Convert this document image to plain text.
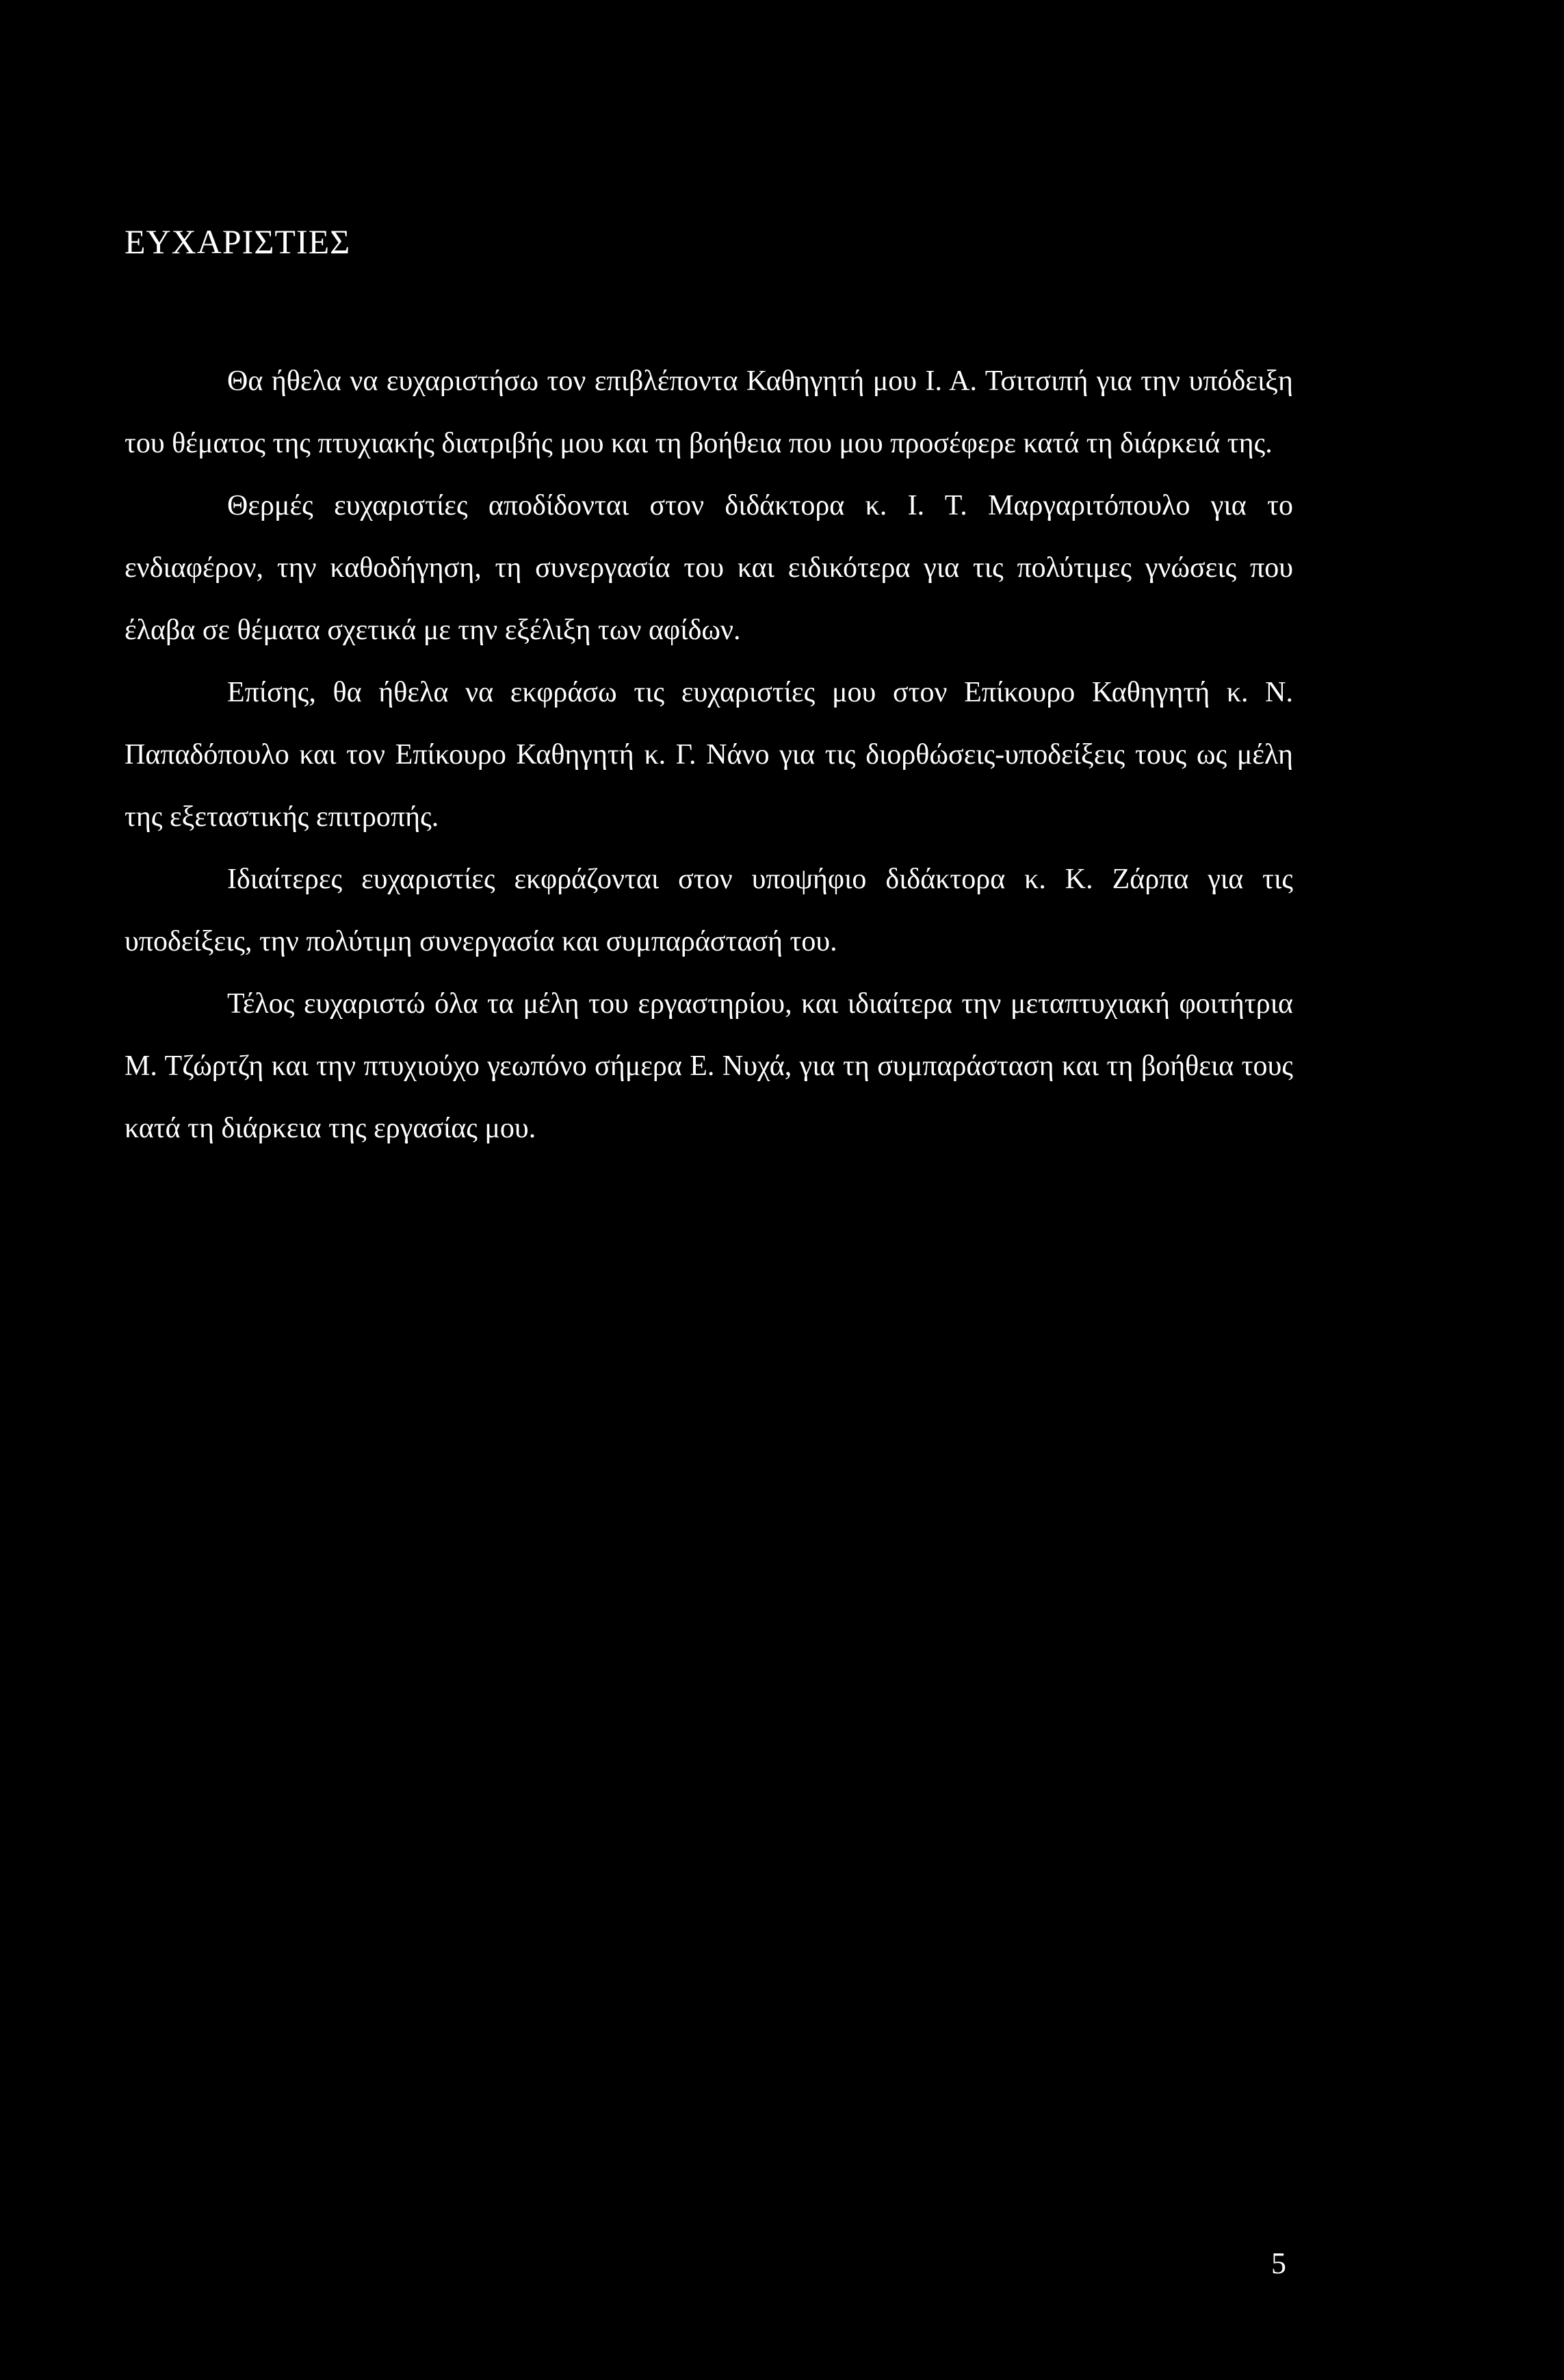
ΕΥΧΑΡΙΣΤΙΕΣ

Θα ήθελα να ευχαριστήσω τον επιβλέποντα Καθηγητή μου Ι. Α. Τσιτσιπή για την υπόδειξη του θέματος της πτυχιακής διατριβής μου και τη βοήθεια που μου προσέφερε κατά τη διάρκειά της.

Θερμές ευχαριστίες αποδίδονται στον διδάκτορα κ. Ι. Τ. Μαργαριτόπουλο για το ενδιαφέρον, την καθοδήγηση, τη συνεργασία του και ειδικότερα για τις πολύτιμες γνώσεις που έλαβα σε θέματα σχετικά με την εξέλιξη των αφίδων.

Επίσης, θα ήθελα να εκφράσω τις ευχαριστίες μου στον Επίκουρο Καθηγητή κ. Ν. Παπαδόπουλο και τον Επίκουρο Καθηγητή κ. Γ. Νάνο για τις διορθώσεις-υποδείξεις τους ως μέλη της εξεταστικής επιτροπής.

Ιδιαίτερες ευχαριστίες εκφράζονται στον υποψήφιο διδάκτορα κ. Κ. Ζάρπα για τις υποδείξεις, την πολύτιμη συνεργασία και συμπαράστασή του.

Τέλος ευχαριστώ όλα τα μέλη του εργαστηρίου, και ιδιαίτερα την μεταπτυχιακή φοιτήτρια Μ. Τζώρτζη και την πτυχιούχο γεωπόνο σήμερα Ε. Νυχά, για τη συμπαράσταση και τη βοήθεια τους κατά τη διάρκεια της εργασίας μου.

5
